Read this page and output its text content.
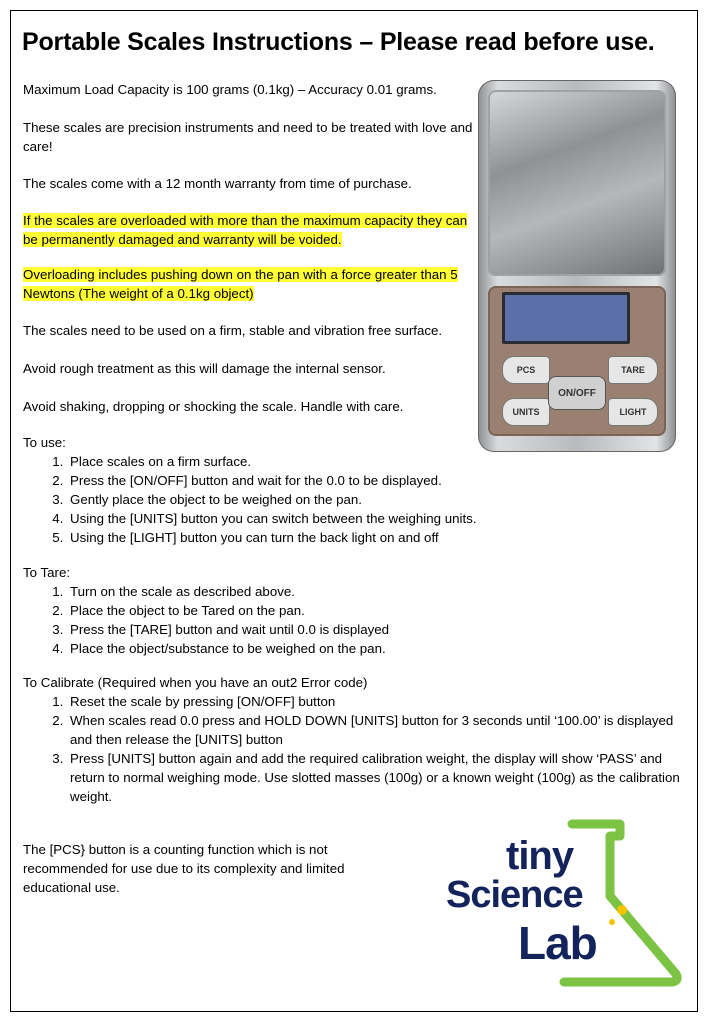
Portable Scales Instructions – Please read before use.
Maximum Load Capacity is 100 grams (0.1kg) – Accuracy 0.01 grams.
These scales are precision instruments and need to be treated with love and care!
The scales come with a 12 month warranty from time of purchase.
If the scales are overloaded with more than the maximum capacity they can be permanently damaged and warranty will be voided.
Overloading includes pushing down on the pan with a force greater than 5 Newtons (The weight of a 0.1kg object)
The scales need to be used on a firm, stable and vibration free surface.
Avoid rough treatment as this will damage the internal sensor.
Avoid shaking, dropping or shocking the scale. Handle with care.
To use:
1. Place scales on a firm surface.
2. Press the [ON/OFF] button and wait for the 0.0 to be displayed.
3. Gently place the object to be weighed on the pan.
4. Using the [UNITS] button you can switch between the weighing units.
5. Using the [LIGHT] button you can turn the back light on and off
To Tare:
1. Turn on the scale as described above.
2. Place the object to be Tared on the pan.
3. Press the [TARE] button and wait until 0.0 is displayed
4. Place the object/substance to be weighed on the pan.
To Calibrate (Required when you have an out2 Error code)
1. Reset the scale by pressing [ON/OFF] button
2. When scales read 0.0 press and HOLD DOWN [UNITS] button for 3 seconds until ‘100.00’ is displayed and then release the [UNITS] button
3. Press [UNITS] button again and add the required calibration weight, the display will show ‘PASS’ and return to normal weighing mode. Use slotted masses (100g) or a known weight (100g) as the calibration weight.
The [PCS} button is a counting function which is not recommended for use due to its complexity and limited educational use.
PCS	TARE
UNITS	LIGHT
ON/OFF
tiny
Science
Lab
